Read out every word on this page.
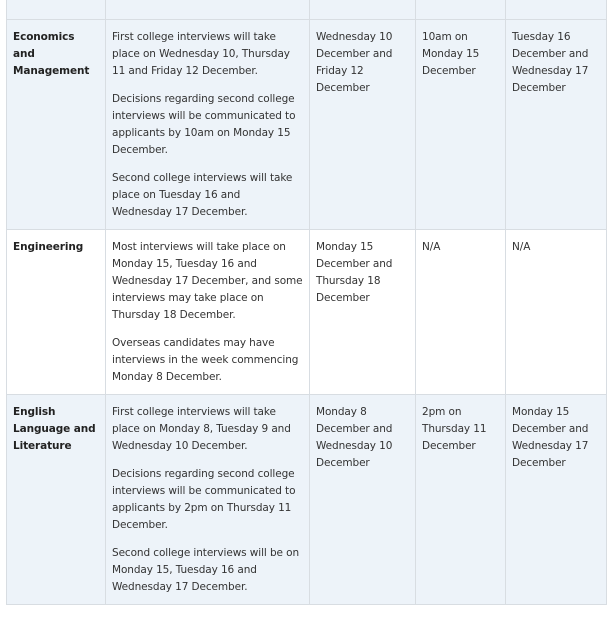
Economics and Management	First college interviews will take place on Wednesday 10, Thursday 11 and Friday 12 December.

Decisions regarding second college interviews will be communicated to applicants by 10am on Monday 15 December.

Second college interviews will take place on Tuesday 16 and Wednesday 17 December.	Wednesday 10 December and Friday 12 December	10am on Monday 15 December	Tuesday 16 December and Wednesday 17 December
Engineering	Most interviews will take place on Monday 15, Tuesday 16 and Wednesday 17 December, and some interviews may take place on Thursday 18 December.

Overseas candidates may have interviews in the week commencing Monday 8 December.	Monday 15 December and Thursday 18 December	N/A	N/A
English Language and Literature	First college interviews will take place on Monday 8, Tuesday 9 and Wednesday 10 December.

Decisions regarding second college interviews will be communicated to applicants by 2pm on Thursday 11 December.

Second college interviews will be on Monday 15, Tuesday 16 and Wednesday 17 December.	Monday 8 December and Wednesday 10 December	2pm on Thursday 11 December	Monday 15 December and Wednesday 17 December
